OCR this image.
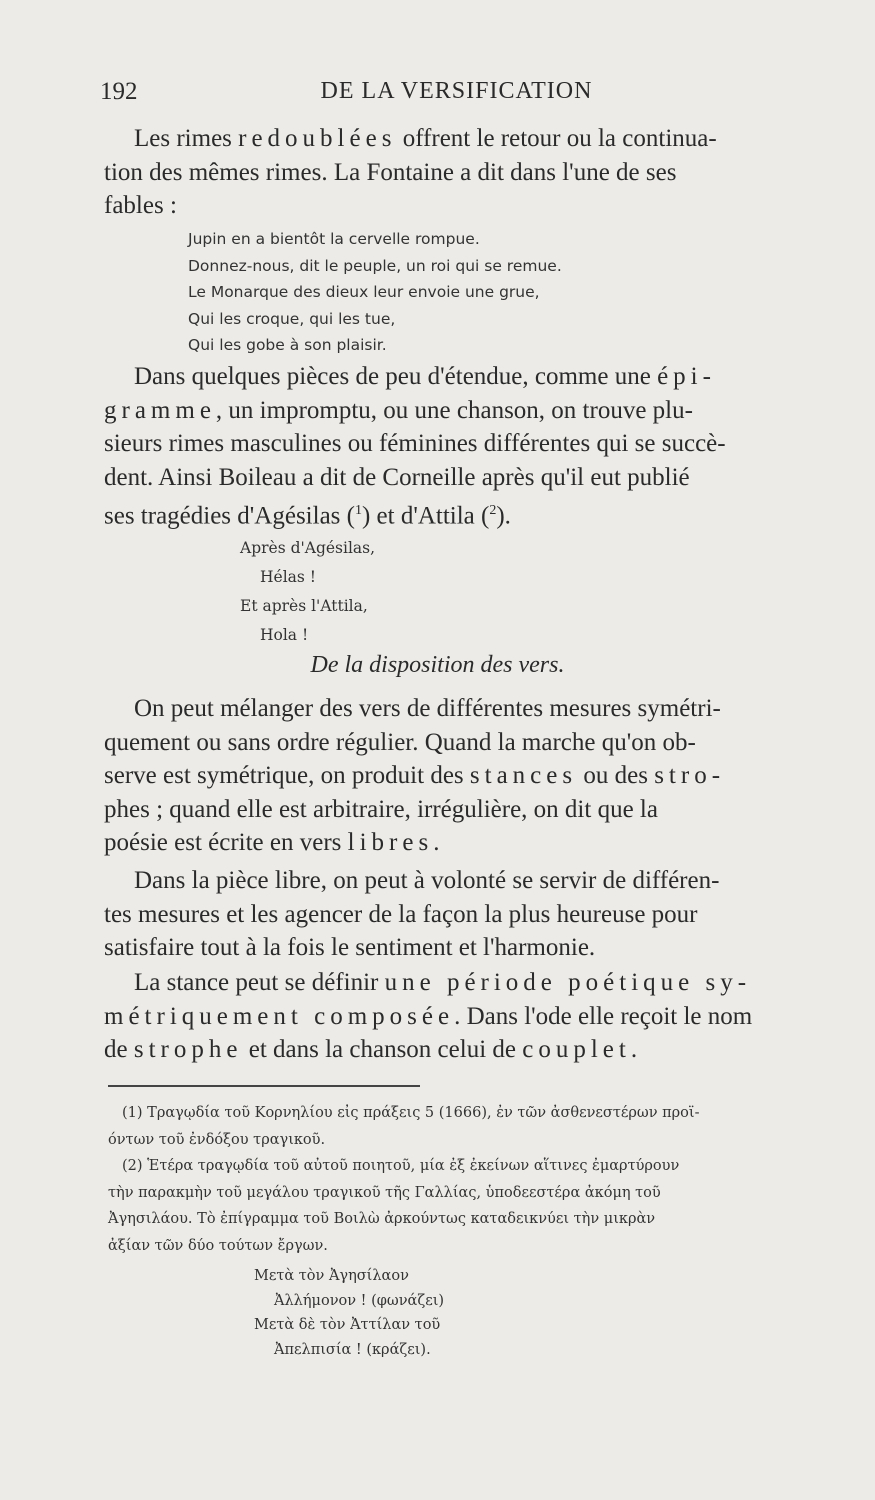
192	DE LA VERSIFICATION
Les rimes redoublées offrent le retour ou la continua-
tion des mêmes rimes. La Fontaine a dit dans l'une de ses
fables :
Jupin en a bientôt la cervelle rompue.
Donnez-nous, dit le peuple, un roi qui se remue.
Le Monarque des dieux leur envoie une grue,
Qui les croque, qui les tue,
Qui les gobe à son plaisir.
Dans quelques pièces de peu d'étendue, comme une épi-
gramme, un impromptu, ou une chanson, on trouve plu-
sieurs rimes masculines ou féminines différentes qui se succè-
dent. Ainsi Boileau a dit de Corneille après qu'il eut publié
ses tragédies d'Agésilas ($^1$) et d'Attila ($^2$).
Après d'Agésilas,
Hélas !
Et après l'Attila,
Hola !
De la disposition des vers.
On peut mélanger des vers de différentes mesures symétri-
quement ou sans ordre régulier. Quand la marche qu'on ob-
serve est symétrique, on produit des stances ou des stro-
phes ; quand elle est arbitraire, irrégulière, on dit que la
poésie est écrite en vers libres.
Dans la pièce libre, on peut à volonté se servir de différen-
tes mesures et les agencer de la façon la plus heureuse pour
satisfaire tout à la fois le sentiment et l'harmonie.
La stance peut se définir une période poétique sy-
métriquement composée. Dans l'ode elle reçoit le nom
de strophe et dans la chanson celui de couplet.
(1) Τραγῳδία τοῦ Κορνηλίου εἰς πράξεις 5 (1666), ἐν τῶν ἀσθενεστέρων προϊ-
όντων τοῦ ἐνδόξου τραγικοῦ.
(2) Ἑτέρα τραγῳδία τοῦ αὐτοῦ ποιητοῦ, μία ἐξ ἐκείνων αἵτινες ἐμαρτύρουν
τὴν παρακμὴν τοῦ μεγάλου τραγικοῦ τῆς Γαλλίας, ὑποδεεστέρα ἀκόμη τοῦ
Ἀγησιλάου. Τὸ ἐπίγραμμα τοῦ Βοιλὼ ἀρκούντως καταδεικνύει τὴν μικρὰν
ἀξίαν τῶν δύο τούτων ἔργων.
Μετὰ τὸν Ἀγησίλαον
Ἀλλήμονον ! (φωνάζει)
Μετὰ δὲ τὸν Ἀττίλαν τοῦ
Ἀπελπισία ! (κράζει).
